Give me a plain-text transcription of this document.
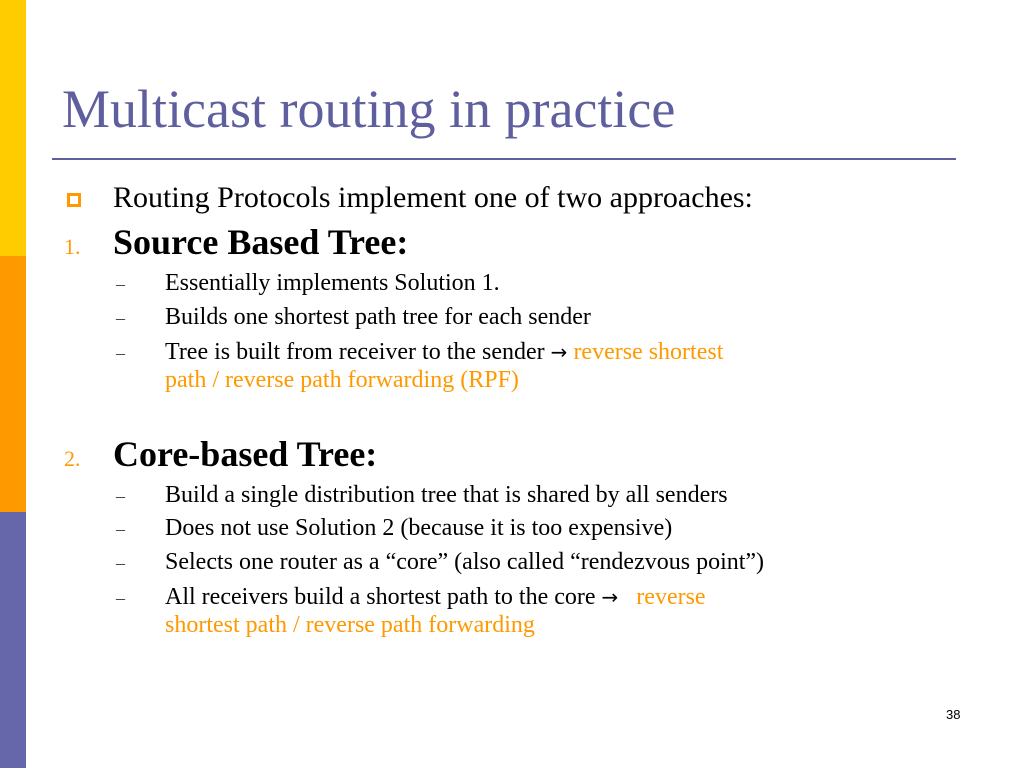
Multicast routing in practice
Routing Protocols implement one of two approaches:
1. Source Based Tree:
– Essentially implements Solution 1.
– Builds one shortest path tree for each sender
– Tree is built from receiver to the sender → reverse shortest
path / reverse path forwarding (RPF)
2. Core-based Tree:
– Build a single distribution tree that is shared by all senders
– Does not use Solution 2 (because it is too expensive)
– Selects one router as a “core” (also called “rendezvous point”)
– All receivers build a shortest path to the core → reverse
shortest path / reverse path forwarding
38
